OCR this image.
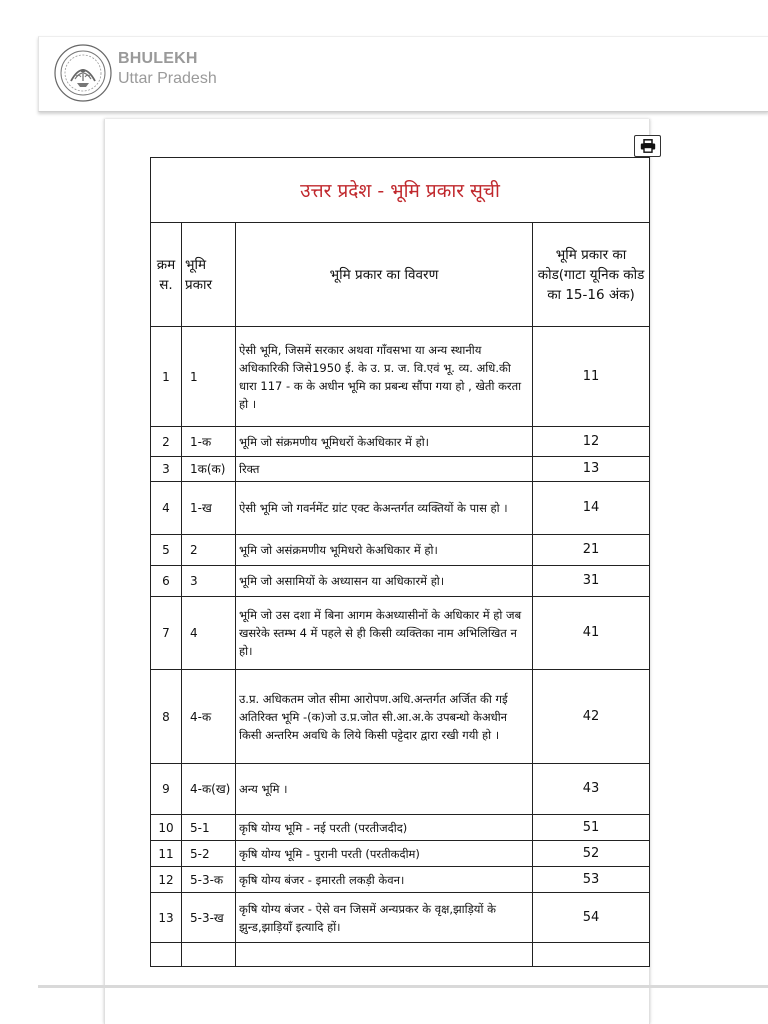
BHULEKH
Uttar Pradesh
उत्तर प्रदेश - भूमि प्रकार सूची			
क्रम स.	भूमि प्रकार	भूमि प्रकार का विवरण	भूमि प्रकार का कोड(गाटा यूनिक कोड का 15-16 अंक)
1	1	ऐसी भूमि, जिसमें सरकार अथवा गाँवसभा या अन्य स्थानीय अधिकारिकी जिसे1950 ई. के उ. प्र. ज. वि.एवं भू. व्य. अधि.की धारा 117 - क के अधीन भूमि का प्रबन्ध सौंपा गया हो , खेती करता हो ।	11
2	1-क	भूमि जो संक्रमणीय भूमिधरों केअधिकार में हो।	12
3	1क(क)	रिक्त	13
4	1-ख	ऐसी भूमि जो गवर्नमेंट ग्रांट एक्ट केअन्तर्गत व्यक्तियों के पास हो ।	14
5	2	भूमि जो असंक्रमणीय भूमिधरो केअधिकार में हो।	21
6	3	भूमि जो असामियों के अध्यासन या अधिकारमें हो।	31
7	4	भूमि जो उस दशा में बिना आगम केअध्यासीनों के अधिकार में हो जब खसरेके स्तम्भ 4 में पहले से ही किसी व्यक्तिका नाम अभिलिखित न हो।	41
8	4-क	उ.प्र. अधिकतम जोत सीमा आरोपण.अधि.अन्तर्गत अर्जित की गई अतिरिक्त भूमि -(क)जो उ.प्र.जोत सी.आ.अ.के उपबन्धो केअधीन किसी अन्तरिम अवधि के लिये किसी पट्टेदार द्वारा रखी गयी हो ।	42
9	4-क(ख)	अन्य भूमि ।	43
10	5-1	कृषि योग्य भूमि - नई परती (परतीजदीद)	51
11	5-2	कृषि योग्य भूमि - पुरानी परती (परतीकदीम)	52
12	5-3-क	कृषि योग्य बंजर - इमारती लकड़ी केवन।	53
13	5-3-ख	कृषि योग्य बंजर - ऐसे वन जिसमें अन्यप्रकर के वृक्ष,झाड़ियों के झुन्ड,झाड़ियाँ इत्यादि हों।	54
